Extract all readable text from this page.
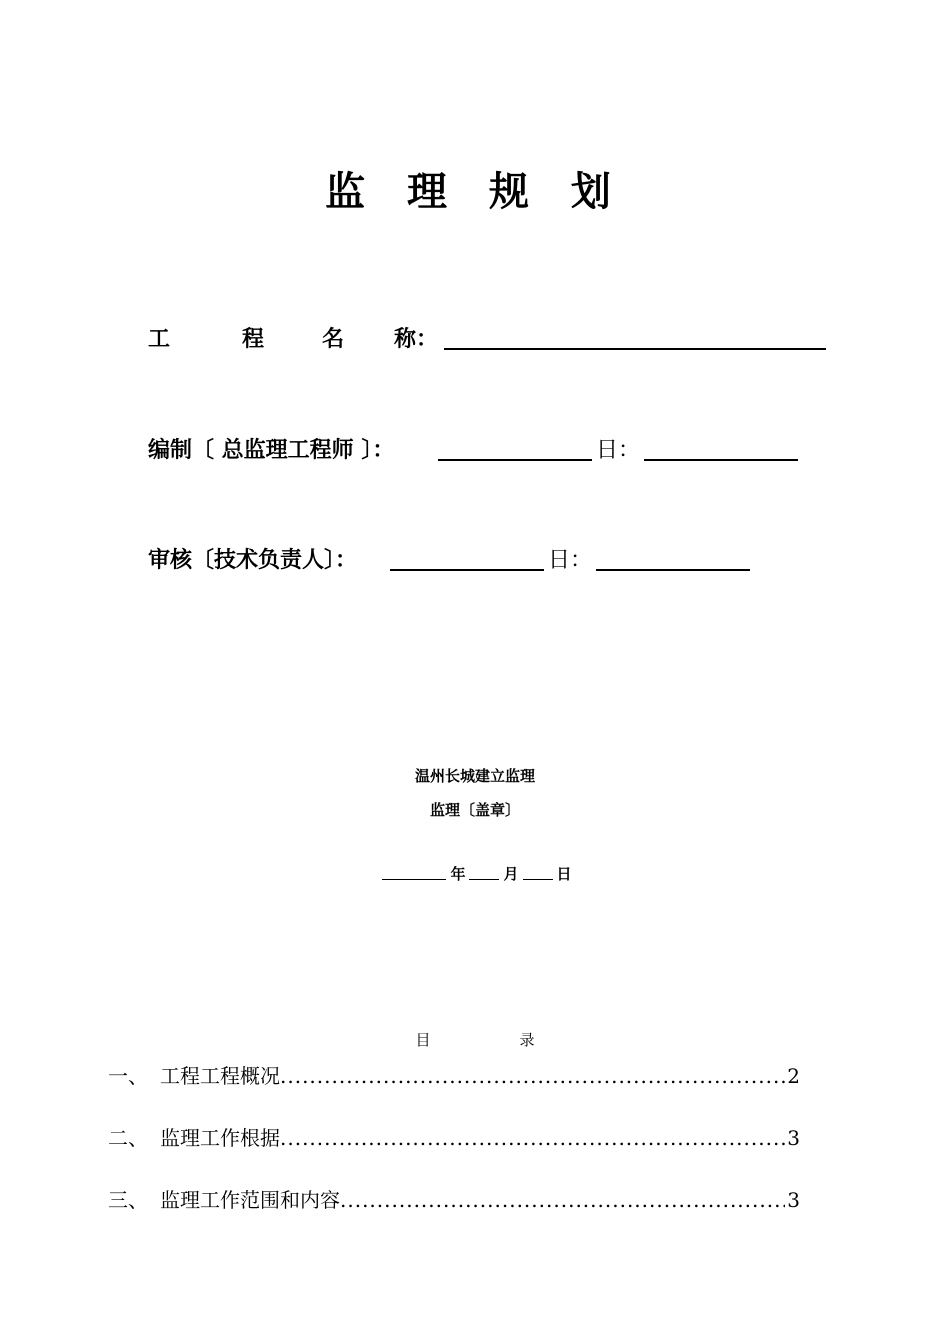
监 理 规 划
工	程	名	称：
编制〔 总监理工程师 〕：	日：
审核〔技术负责人〕：	日：
温州长城建立监理
监理〔盖章〕
年	月	日
目	录
一、 工程工程概况 .....	2
二、 监理工作根据 .....	3
三、 监理工作范围和内容 .....	3
